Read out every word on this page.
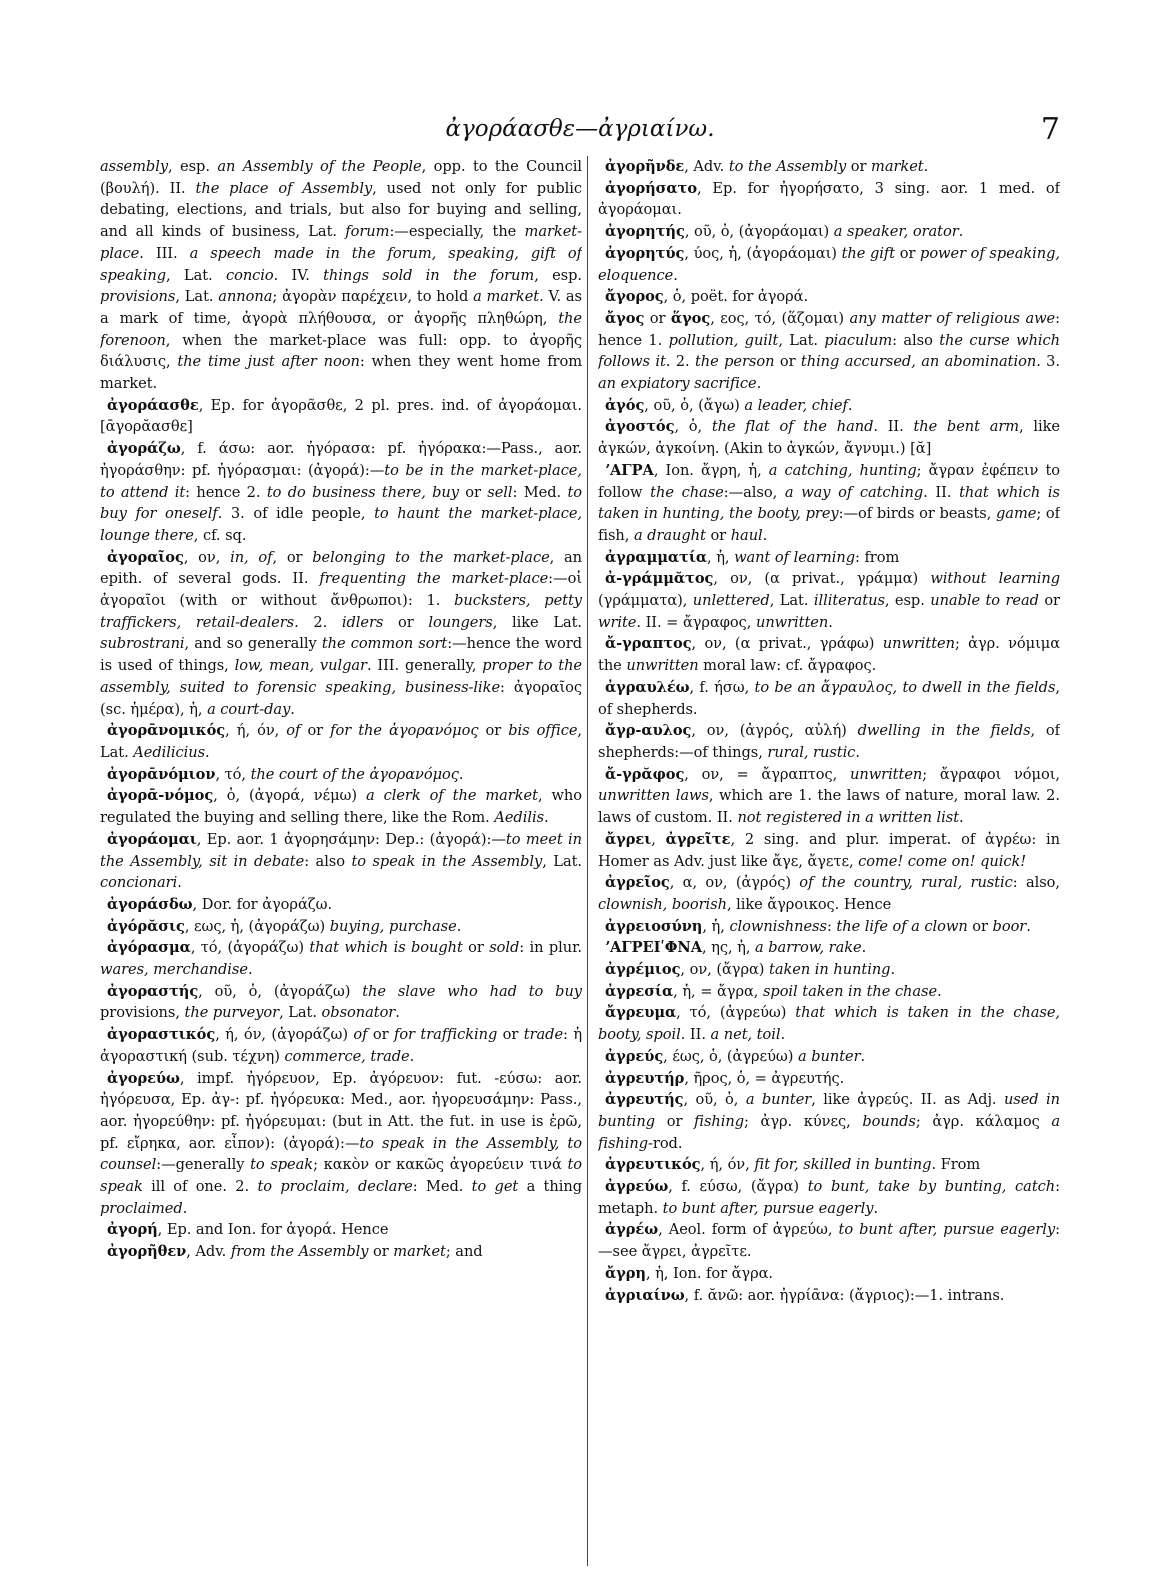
ἀγοράασθε—ἀγριαίνω.	7

assembly, esp. an Assembly of the People, opp. to the Council (βουλή). II. the place of Assembly, used not only for public debating, elections, and trials, but also for buying and selling, and all kinds of business, Lat. forum:—especially, the market-place. III. a speech made in the forum, speaking, gift of speaking, Lat. concio. IV. things sold in the forum, esp. provisions, Lat. annona; ἀγορὰν παρέχειν, to hold a market. V. as a mark of time, ἀγορὰ πλήθουσα, or ἀγορῆς πληθώρη, the forenoon, when the market-place was full: opp. to ἀγορῆς διάλυσις, the time just after noon: when they went home from market.

ἀγοράασθε, Ep. for ἀγορᾶσθε, 2 pl. pres. ind. of ἀγοράομαι. [ᾱγορᾰασθε]

ἀγοράζω, f. άσω: aor. ἠγόρασα: pf. ἠγόρακα:—Pass., aor. ἠγοράσθην: pf. ἠγόρασμαι: (ἀγορά):—to be in the market-place, to attend it: hence 2. to do business there, buy or sell: Med. to buy for oneself. 3. of idle people, to haunt the market-place, lounge there, cf. sq.

ἀγοραῖος, ον, in, of, or belonging to the market-place, an epith. of several gods. II. frequenting the market-place:—οἱ ἀγοραῖοι (with or without ἄνθρωποι): 1. bucksters, petty traffickers, retail-dealers. 2. idlers or loungers, like Lat. subrostrani, and so generally the common sort:—hence the word is used of things, low, mean, vulgar. III. generally, proper to the assembly, suited to forensic speaking, business-like: ἀγοραῖος (sc. ἡμέρα), ἡ, a court-day.

ἀγορᾱνομικός, ή, όν, of or for the ἀγορανόμος or bis office, Lat. Aedilicius.

ἀγορᾱνόμιον, τό, the court of the ἀγορανόμος.

ἀγορᾱ-νόμος, ὁ, (ἀγορά, νέμω) a clerk of the market, who regulated the buying and selling there, like the Rom. Aedilis.

ἀγοράομαι, Ep. aor. 1 ἀγορησάμην: Dep.: (ἀγορά):—to meet in the Assembly, sit in debate: also to speak in the Assembly, Lat. concionari.

ἀγοράσδω, Dor. for ἀγοράζω.

ἀγόρᾰσις, εως, ἡ, (ἀγοράζω) buying, purchase.

ἀγόρασμα, τό, (ἀγοράζω) that which is bought or sold: in plur. wares, merchandise.

ἀγοραστής, οῦ, ὁ, (ἀγοράζω) the slave who had to buy provisions, the purveyor, Lat. obsonator.

ἀγοραστικός, ή, όν, (ἀγοράζω) of or for trafficking or trade: ἡ ἀγοραστική (sub. τέχνη) commerce, trade.

ἀγορεύω, impf. ἠγόρευον, Ep. ἀγόρευον: fut. -εύσω: aor. ἠγόρευσα, Ep. ἀγ-: pf. ἠγόρευκα: Med., aor. ἠγορευσάμην: Pass., aor. ἠγορεύθην: pf. ἠγόρευμαι: (but in Att. the fut. in use is ἐρῶ, pf. εἴρηκα, aor. εἶπον): (ἀγορά):—to speak in the Assembly, to counsel:—generally to speak; κακὸν or κακῶς ἀγορεύειν τινά to speak ill of one. 2. to proclaim, declare: Med. to get a thing proclaimed.

ἀγορή, Ep. and Ion. for ἀγορά. Hence

ἀγορῆθεν, Adv. from the Assembly or market; and

ἀγορῆνδε, Adv. to the Assembly or market.

ἀγορήσατο, Ep. for ἠγορήσατο, 3 sing. aor. 1 med. of ἀγοράομαι.

ἀγορητής, οῦ, ὁ, (ἀγοράομαι) a speaker, orator.

ἀγορητύς, ύος, ἡ, (ἀγοράομαι) the gift or power of speaking, eloquence.

ἄγορος, ὁ, poët. for ἀγορά.

ἄγος or ἅγος, εος, τό, (ἅζομαι) any matter of religious awe: hence 1. pollution, guilt, Lat. piaculum: also the curse which follows it. 2. the person or thing accursed, an abomination. 3. an expiatory sacrifice.

ἀγός, οῦ, ὁ, (ἄγω) a leader, chief.

ἀγοστός, ὁ, the flat of the hand. II. the bent arm, like ἀγκών, ἀγκοίνη. (Akin to ἀγκών, ἄγνυμι.) [ᾰ]

ʼΑΓΡΑ, Ion. ἄγρη, ἡ, a catching, hunting; ἄγραν ἐφέπειν to follow the chase:—also, a way of catching. II. that which is taken in hunting, the booty, prey:—of birds or beasts, game; of fish, a draught or haul.

ἀγραμματία, ἡ, want of learning: from

ἀ-γράμμᾰτος, ον, (α privat., γράμμα) without learning (γράμματα), unlettered, Lat. illiteratus, esp. unable to read or write. II. = ἄγραφος, unwritten.

ἄ-γραπτος, ον, (α privat., γράφω) unwritten; ἀγρ. νόμιμα the unwritten moral law: cf. ἄγραφος.

ἀγραυλέω, f. ήσω, to be an ἄγραυλος, to dwell in the fields, of shepherds.

ἄγρ-αυλος, ον, (ἀγρός, αὐλή) dwelling in the fields, of shepherds:—of things, rural, rustic.

ἄ-γρᾰφος, ον, = ἄγραπτος, unwritten; ἄγραφοι νόμοι, unwritten laws, which are 1. the laws of nature, moral law. 2. laws of custom. II. not registered in a written list.

ἄγρει, ἀγρεῖτε, 2 sing. and plur. imperat. of ἀγρέω: in Homer as Adv. just like ἄγε, ἄγετε, come! come on! quick!

ἀγρεῖος, α, ον, (ἀγρός) of the country, rural, rustic: also, clownish, boorish, like ἄγροικος. Hence

ἀγρειοσύνη, ἡ, clownishness: the life of a clown or boor.

ʼΑΓΡΕΙʹΦΝΑ, ης, ἡ, a barrow, rake.

ἀγρέμιος, ον, (ἄγρα) taken in hunting.

ἀγρεσία, ἡ, = ἄγρα, spoil taken in the chase.

ἄγρευμα, τό, (ἀγρεύω) that which is taken in the chase, booty, spoil. II. a net, toil.

ἀγρεύς, έως, ὁ, (ἀγρεύω) a bunter.

ἀγρευτήρ, ῆρος, ὁ, = ἀγρευτής.

ἀγρευτής, οῦ, ὁ, a bunter, like ἀγρεύς. II. as Adj. used in bunting or fishing; ἀγρ. κύνες, bounds; ἀγρ. κάλαμος a fishing-rod.

ἀγρευτικός, ή, όν, fit for, skilled in bunting. From

ἀγρεύω, f. εύσω, (ἄγρα) to bunt, take by bunting, catch: metaph. to bunt after, pursue eagerly.

ἀγρέω, Aeol. form of ἀγρεύω, to bunt after, pursue eagerly:—see ἄγρει, ἀγρεῖτε.

ἄγρη, ἡ, Ion. for ἄγρα.

ἀγριαίνω, f. ᾰνῶ: aor. ἠγρίᾱνα: (ἄγριος):—1. intrans.
